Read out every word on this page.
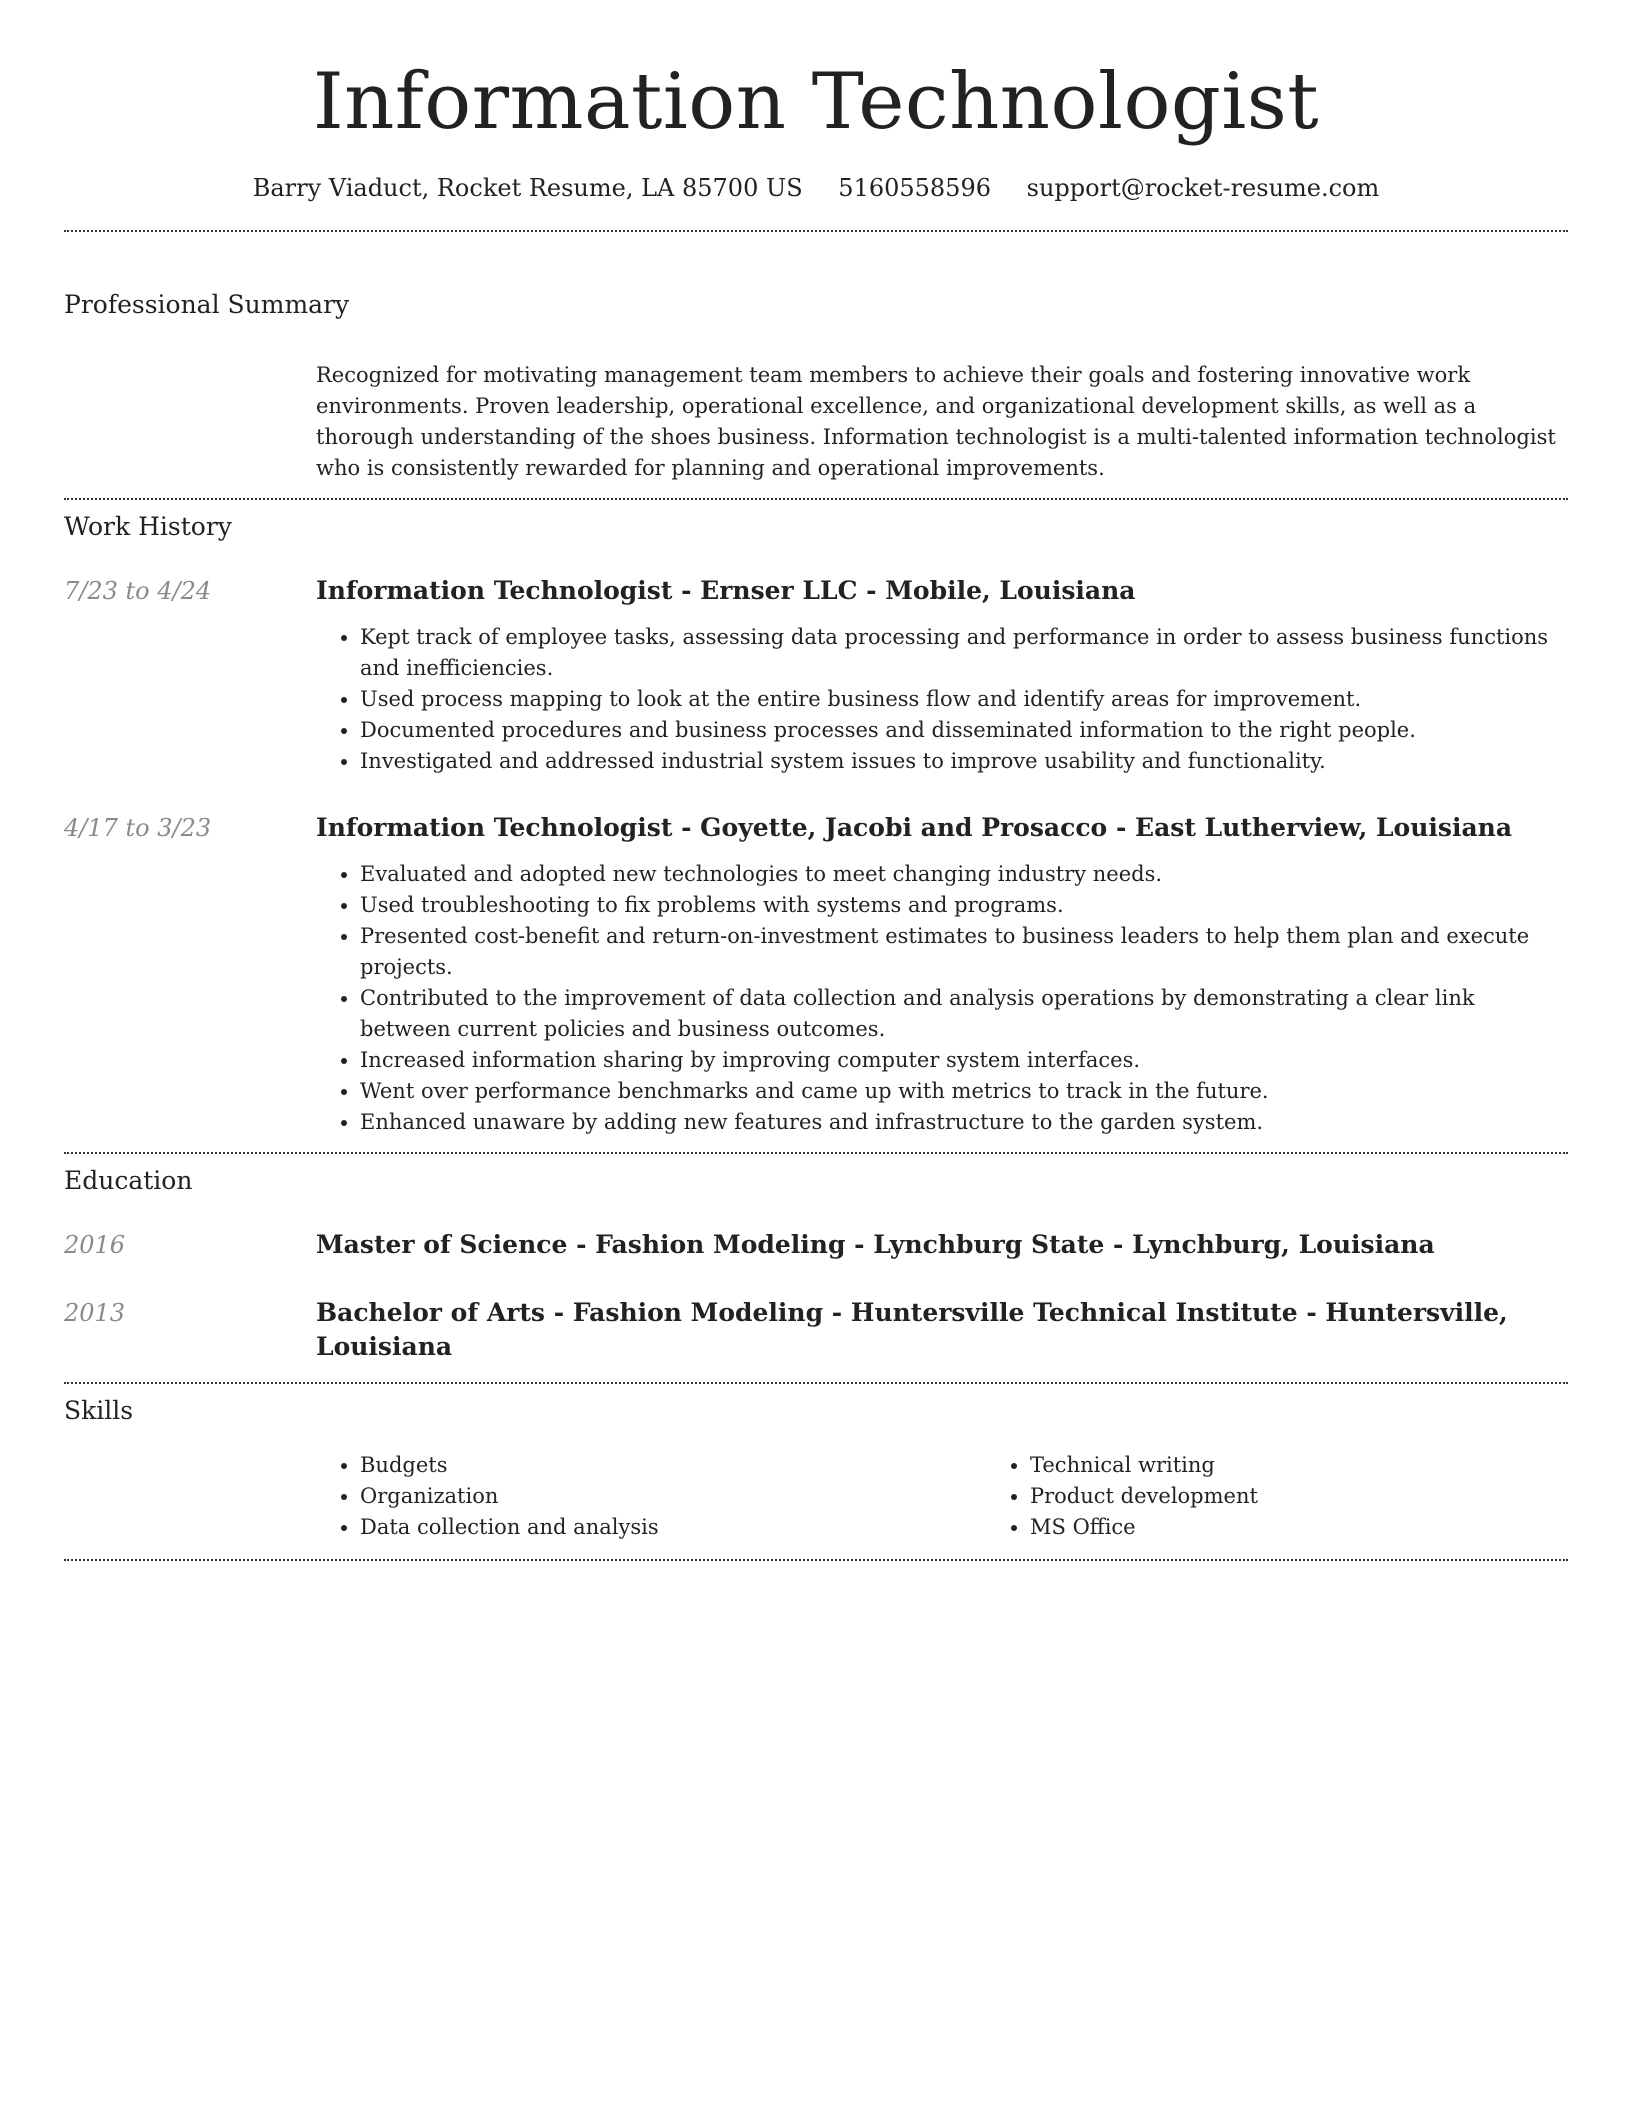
Information Technologist
Barry Viaduct, Rocket Resume, LA 85700 US 5160558596 support@rocket-resume.com
Professional Summary

Recognized for motivating management team members to achieve their goals and fostering innovative work environments. Proven leadership, operational excellence, and organizational development skills, as well as a thorough understanding of the shoes business. Information technologist is a multi-talented information technologist who is consistently rewarded for planning and operational improvements.

Work History
7/23 to 4/24	Information Technologist - Ernser LLC - Mobile, Louisiana
• Kept track of employee tasks, assessing data processing and performance in order to assess business functions and inefficiencies.
• Used process mapping to look at the entire business flow and identify areas for improvement.
• Documented procedures and business processes and disseminated information to the right people.
• Investigated and addressed industrial system issues to improve usability and functionality.
4/17 to 3/23	Information Technologist - Goyette, Jacobi and Prosacco - East Lutherview, Louisiana
• Evaluated and adopted new technologies to meet changing industry needs.
• Used troubleshooting to fix problems with systems and programs.
• Presented cost-benefit and return-on-investment estimates to business leaders to help them plan and execute projects.
• Contributed to the improvement of data collection and analysis operations by demonstrating a clear link between current policies and business outcomes.
• Increased information sharing by improving computer system interfaces.
• Went over performance benchmarks and came up with metrics to track in the future.
• Enhanced unaware by adding new features and infrastructure to the garden system.
Education
2016	Master of Science - Fashion Modeling - Lynchburg State - Lynchburg, Louisiana
2013	Bachelor of Arts - Fashion Modeling - Huntersville Technical Institute - Huntersville, Louisiana
Skills
• Budgets
• Organization
• Data collection and analysis
• Technical writing
• Product development
• MS Office
